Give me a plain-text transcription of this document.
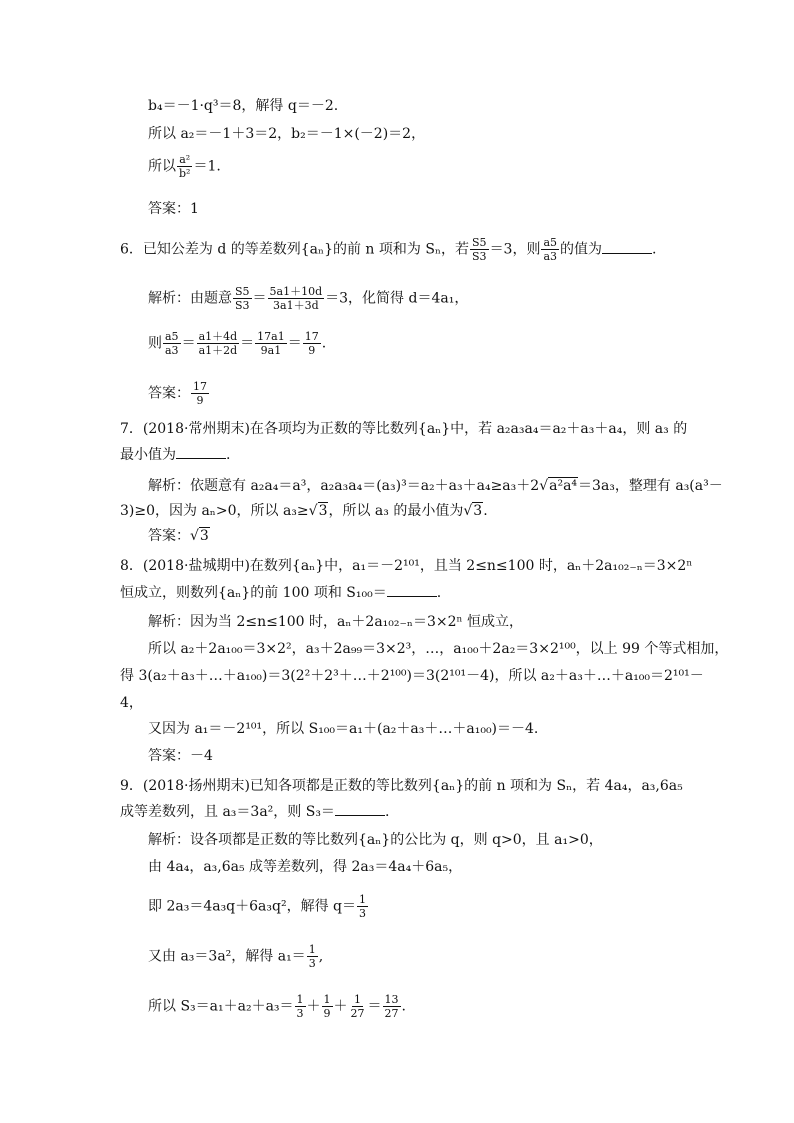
b₄＝－1·q³＝8，解得 q＝－2.
所以 a₂＝－1＋3＝2，b₂＝－1×(－2)＝2，
所以 $\frac{\text{a²}}{\text{b²}} =1$.
答案：1
6．已知公差为 d 的等差数列{aₙ}的前 n 项和为 Sₙ，若 $\frac{S5}{S3} =3$，则 $\frac{a5}{a3}$ 的值为	.
解析：由题意 $\frac{S5}{S3} = \frac{5a1+10d}{3a1+3d} =3$，化简得 d＝4a₁，
则 $\frac{a5}{a3} = \frac{a1+4d}{a1+2d} = \frac{17a1}{9a1} = \frac{17}{9}$ .
答案： $\frac{17}{9}$
7．(2018·常州期末)在各项均为正数的等比数列{aₙ}中，若 a₂a₃a₄＝a₂＋a₃＋a₄，则 a₃ 的
最小值为	.
解析：依题意有 a₂a₄＝a³，a₂a₃a₄＝(a₃)³＝a₂＋a₃＋a₄≥a₃＋2√a²a⁴＝3a₃，整理有 a₃(a³－
3)≥0，因为 aₙ>0，所以 a₃≥√3，所以 a₃ 的最小值为√3.
答案：√3
8．(2018·盐城期中)在数列{aₙ}中，a₁＝－2¹⁰¹，且当 2≤n≤100 时，aₙ＋2a₁₀₂₋ₙ＝3×2ⁿ
恒成立，则数列{aₙ}的前 100 项和 S₁₀₀＝	.
解析：因为当 2≤n≤100 时，aₙ＋2a₁₀₂₋ₙ＝3×2ⁿ 恒成立，
所以 a₂＋2a₁₀₀＝3×2²，a₃＋2a₉₉＝3×2³，…，a₁₀₀＋2a₂＝3×2¹⁰⁰，以上 99 个等式相加，
得 3(a₂＋a₃＋…＋a₁₀₀)＝3(2²＋2³＋…＋2¹⁰⁰)＝3(2¹⁰¹－4)，所以 a₂＋a₃＋…＋a₁₀₀＝2¹⁰¹－
4，
又因为 a₁＝－2¹⁰¹，所以 S₁₀₀＝a₁＋(a₂＋a₃＋…＋a₁₀₀)＝－4.
答案：－4
9．(2018·扬州期末)已知各项都是正数的等比数列{aₙ}的前 n 项和为 Sₙ，若 4a₄，a₃,6a₅
成等差数列，且 a₃＝3a²，则 S₃＝	.
解析：设各项都是正数的等比数列{aₙ}的公比为 q，则 q>0，且 a₁>0，
由 4a₄，a₃,6a₅ 成等差数列，得 2a₃＝4a₄＋6a₅，
即 2a₃＝4a₃q＋6a₃q²，解得 $q= \frac{1}{3}$
又由 a₃＝3a²，解得 $a_1= \frac{1}{3}$ ,
所以 $S_3=a_1+a_2+a_3= \frac{1}{3} + \frac{1}{9} + \frac{1}{27} = \frac{13}{27}$ .
